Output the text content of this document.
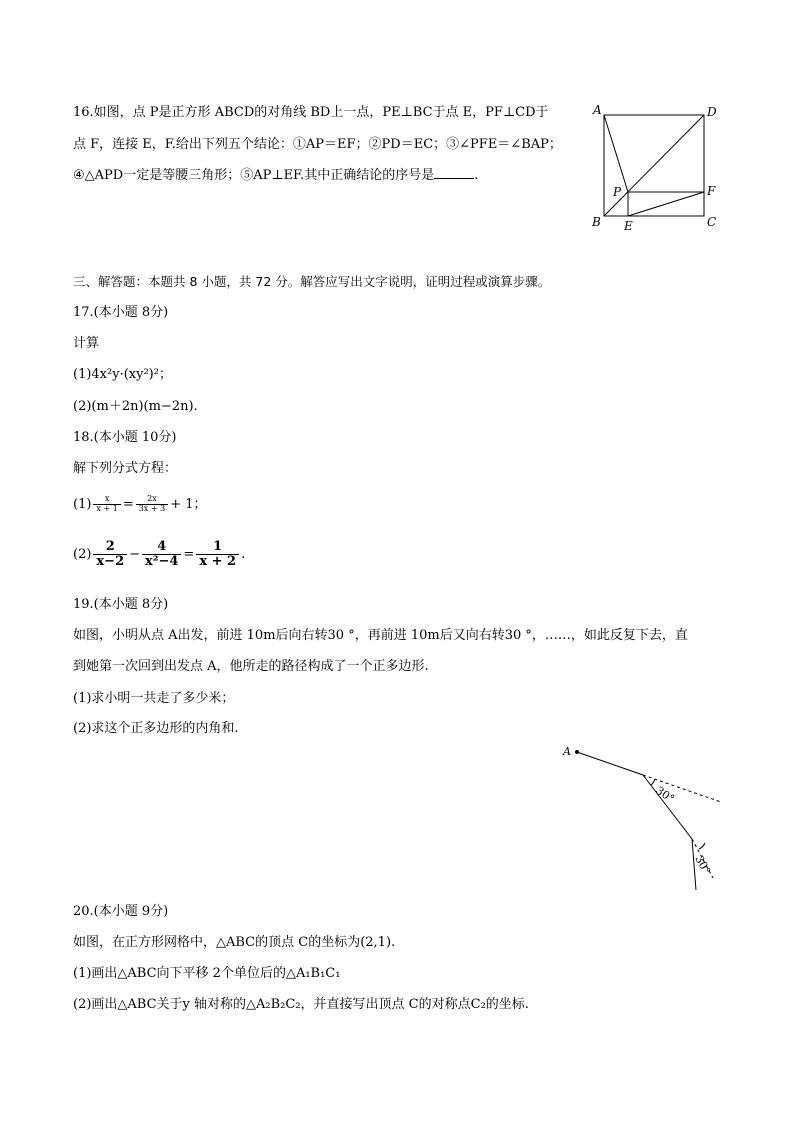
16.如图，点 P是正方形 ABCD的对角线 BD上一点，PE⊥BC于点 E，PF⊥CD于
点 F，连接 E，F.给出下列五个结论：①AP＝EF；②PD＝EC；③∠PFE＝∠BAP；
④△APD一定是等腰三角形；⑤AP⊥EF.其中正确结论的序号是	.
A	D
P	F
B E	C
三、解答题：本题共 8 小题，共 72 分。解答应写出文字说明，证明过程或演算步骤。
17.(本小题 8分)
计算
(1)4x²y·(xy²)²；
(2)(m＋2n)(m−2n).
18.(本小题 10分)
解下列分式方程：
$(1) \frac{x}{x + 1} = \frac{2x}{3x + 3} + 1$；
$(2) \frac{2}{x-2} - \frac{4}{\text{x²−4}} = \frac{1}{x + 2}$ .
19.(本小题 8分)
如图，小明从点 A出发，前进 10m后向右转30 °，再前进 10m后又向右转30 °，……，如此反复下去，直
到她第一次回到出发点 A，他所走的路径构成了一个正多边形.
(1)求小明一共走了多少米；
(2)求这个正多边形的内角和.
A
30°
30°
20.(本小题 9分)
如图，在正方形网格中，△ABC的顶点 C的坐标为(2,1).
(1)画出△ABC向下平移 2个单位后的△A₁B₁C₁
(2)画出△ABC关于y 轴对称的△A₂B₂C₂，并直接写出顶点 C的对称点C₂的坐标.
